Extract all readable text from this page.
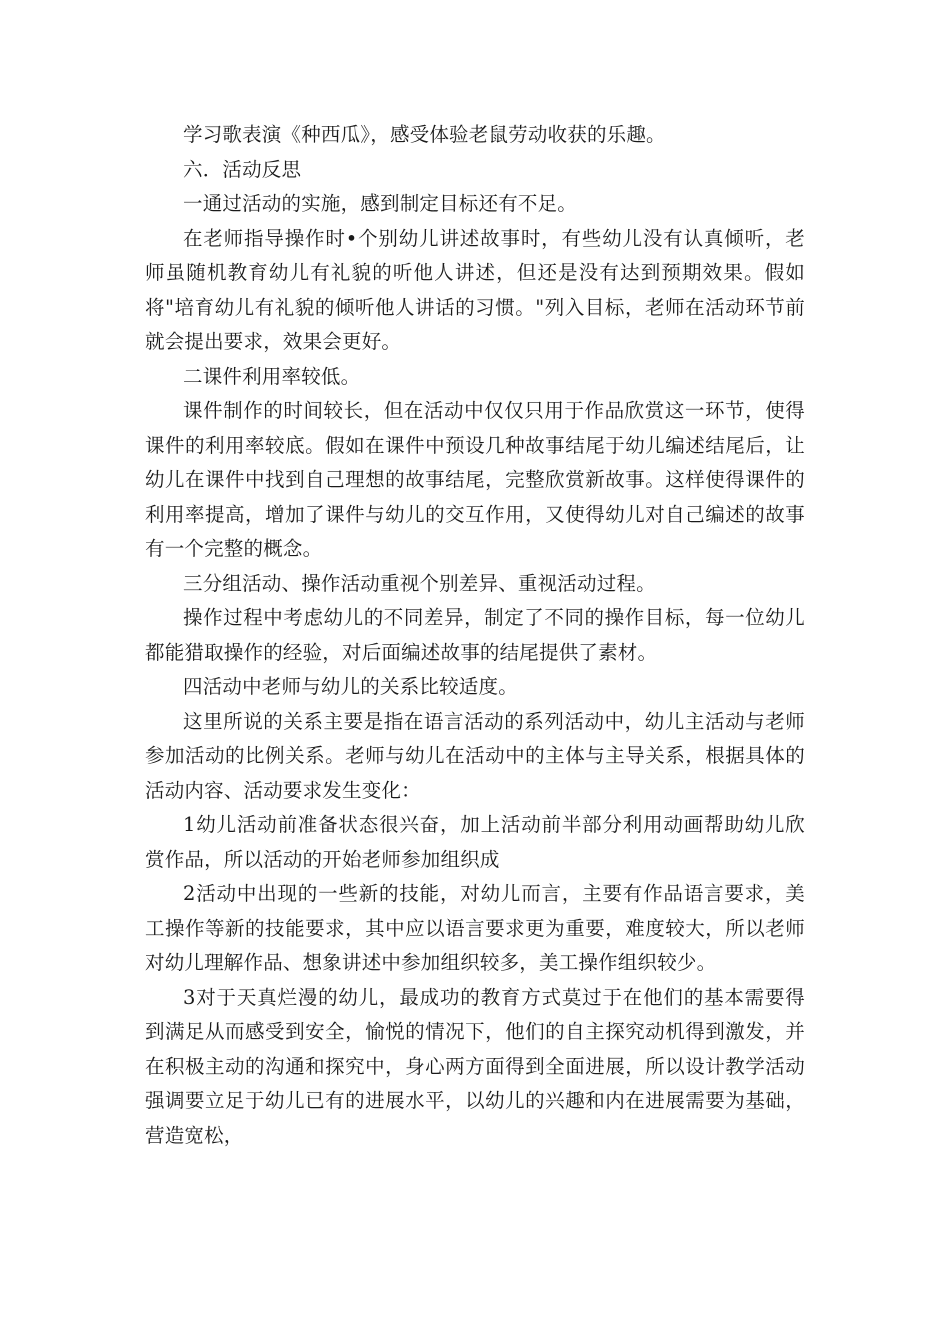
学习歌表演《种西瓜》，感受体验老鼠劳动收获的乐趣。

六．活动反思

一通过活动的实施，感到制定目标还有不足。

在老师指导操作时•个别幼儿讲述故事时，有些幼儿没有认真倾听，老师虽随机教育幼儿有礼貌的听他人讲述，但还是没有达到预期效果。假如将"培育幼儿有礼貌的倾听他人讲话的习惯。"列入目标，老师在活动环节前就会提出要求，效果会更好。

二课件利用率较低。

课件制作的时间较长，但在活动中仅仅只用于作品欣赏这一环节，使得课件的利用率较底。假如在课件中预设几种故事结尾于幼儿编述结尾后，让幼儿在课件中找到自己理想的故事结尾，完整欣赏新故事。这样使得课件的利用率提高，增加了课件与幼儿的交互作用，又使得幼儿对自己编述的故事有一个完整的概念。

三分组活动、操作活动重视个别差异、重视活动过程。

操作过程中考虑幼儿的不同差异，制定了不同的操作目标，每一位幼儿都能猎取操作的经验，对后面编述故事的结尾提供了素材。

四活动中老师与幼儿的关系比较适度。

这里所说的关系主要是指在语言活动的系列活动中，幼儿主活动与老师参加活动的比例关系。老师与幼儿在活动中的主体与主导关系，根据具体的活动内容、活动要求发生变化：

1幼儿活动前准备状态很兴奋，加上活动前半部分利用动画帮助幼儿欣赏作品，所以活动的开始老师参加组织成

2活动中出现的一些新的技能，对幼儿而言，主要有作品语言要求，美工操作等新的技能要求，其中应以语言要求更为重要，难度较大，所以老师对幼儿理解作品、想象讲述中参加组织较多，美工操作组织较少。

3对于天真烂漫的幼儿，最成功的教育方式莫过于在他们的基本需要得到满足从而感受到安全，愉悦的情况下，他们的自主探究动机得到激发，并在积极主动的沟通和探究中，身心两方面得到全面进展，所以设计教学活动强调要立足于幼儿已有的进展水平，以幼儿的兴趣和内在进展需要为基础，营造宽松，
